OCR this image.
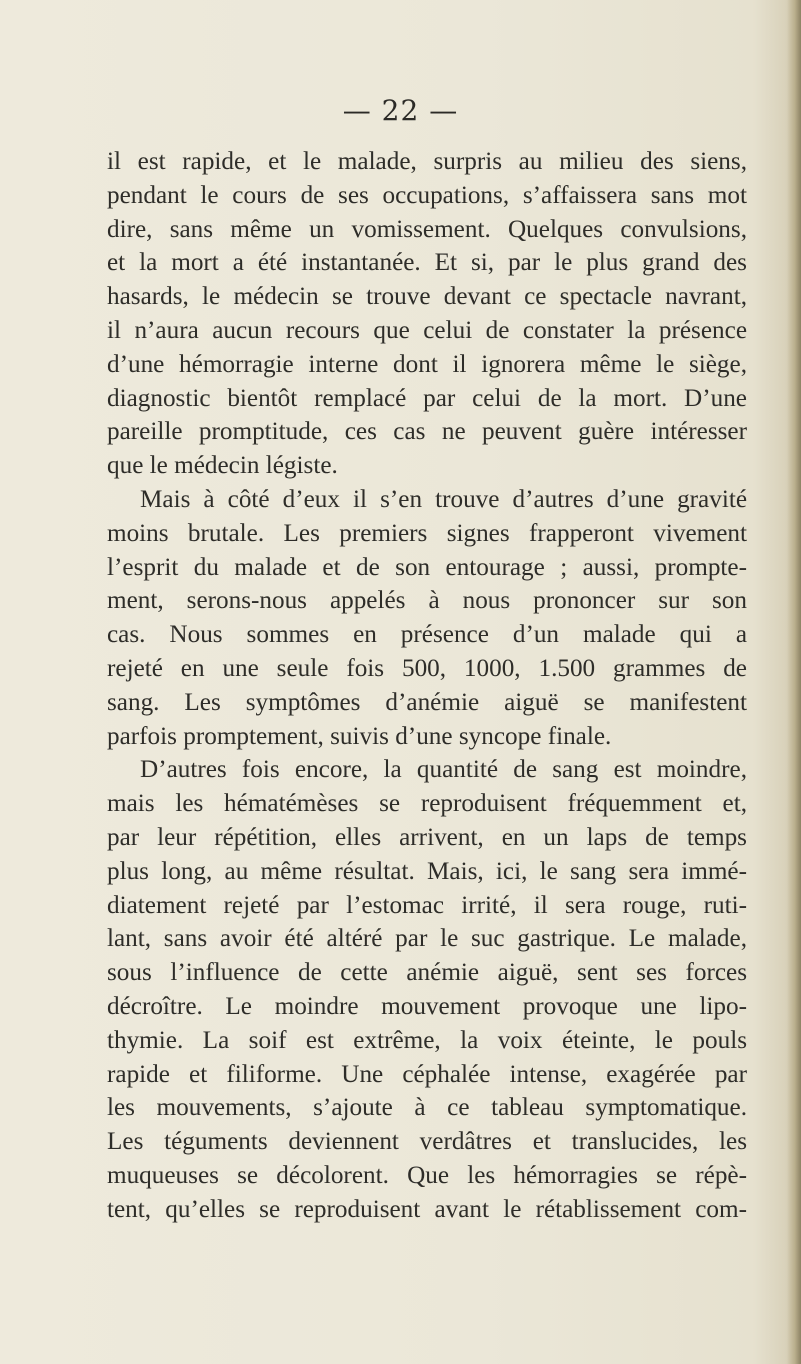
— 22 —
il est rapide, et le malade, surpris au milieu des siens,
pendant le cours de ses occupations, s’affaissera sans mot
dire, sans même un vomissement. Quelques convulsions,
et la mort a été instantanée. Et si, par le plus grand des
hasards, le médecin se trouve devant ce spectacle navrant,
il n’aura aucun recours que celui de constater la présence
d’une hémorragie interne dont il ignorera même le siège,
diagnostic bientôt remplacé par celui de la mort. D’une
pareille promptitude, ces cas ne peuvent guère intéresser
que le médecin légiste.
Mais à côté d’eux il s’en trouve d’autres d’une gravité
moins brutale. Les premiers signes frapperont vivement
l’esprit du malade et de son entourage ; aussi, prompte-
ment, serons-nous appelés à nous prononcer sur son
cas. Nous sommes en présence d’un malade qui a
rejeté en une seule fois 500, 1000, 1.500 grammes de
sang. Les symptômes d’anémie aiguë se manifestent
parfois promptement, suivis d’une syncope finale.
D’autres fois encore, la quantité de sang est moindre,
mais les hématémèses se reproduisent fréquemment et,
par leur répétition, elles arrivent, en un laps de temps
plus long, au même résultat. Mais, ici, le sang sera immé-
diatement rejeté par l’estomac irrité, il sera rouge, ruti-
lant, sans avoir été altéré par le suc gastrique. Le malade,
sous l’influence de cette anémie aiguë, sent ses forces
décroître. Le moindre mouvement provoque une lipo-
thymie. La soif est extrême, la voix éteinte, le pouls
rapide et filiforme. Une céphalée intense, exagérée par
les mouvements, s’ajoute à ce tableau symptomatique.
Les téguments deviennent verdâtres et translucides, les
muqueuses se décolorent. Que les hémorragies se répè-
tent, qu’elles se reproduisent avant le rétablissement com-
